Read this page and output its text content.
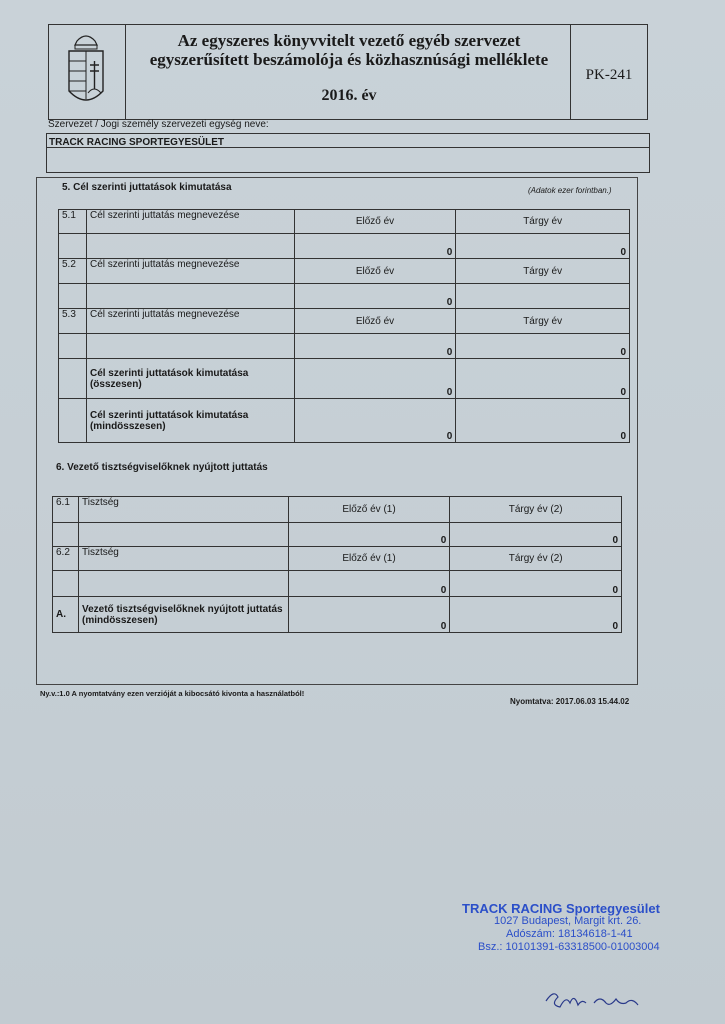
Az egyszeres könyvvitelt vezető egyéb szervezet
egyszerűsített beszámolója és közhasznúsági melléklete
2016. év
PK-241
Szervezet / Jogi személy szervezeti egység neve:
TRACK RACING SPORTEGYESÜLET
5. Cél szerinti juttatások kimutatása	(Adatok ezer forintban.)
5.1	Cél szerinti juttatás megnevezése	Előző év	Tárgy év
		0	0
5.2	Cél szerinti juttatás megnevezése	Előző év	Tárgy év
		0	
5.3	Cél szerinti juttatás megnevezése	Előző év	Tárgy év
		0	0
	Cél szerinti juttatások kimutatása (összesen)	0	0
	Cél szerinti juttatások kimutatása (mindösszesen)	0	0
6. Vezető tisztségviselőknek nyújtott juttatás
6.1	Tisztség	Előző év (1)	Tárgy év (2)
		0	0
6.2	Tisztség	Előző év (1)	Tárgy év (2)
		0	0
A.	Vezető tisztségviselőknek nyújtott juttatás (mindösszesen)	0	0
Ny.v.:1.0 A nyomtatvány ezen verzióját a kibocsátó kivonta a használatból!
Nyomtatva: 2017.06.03 15.44.02
TRACK RACING Sportegyesület
1027 Budapest, Margit krt. 26.
Adószám: 18134618-1-41
Bsz.: 10101391-63318500-01003004
